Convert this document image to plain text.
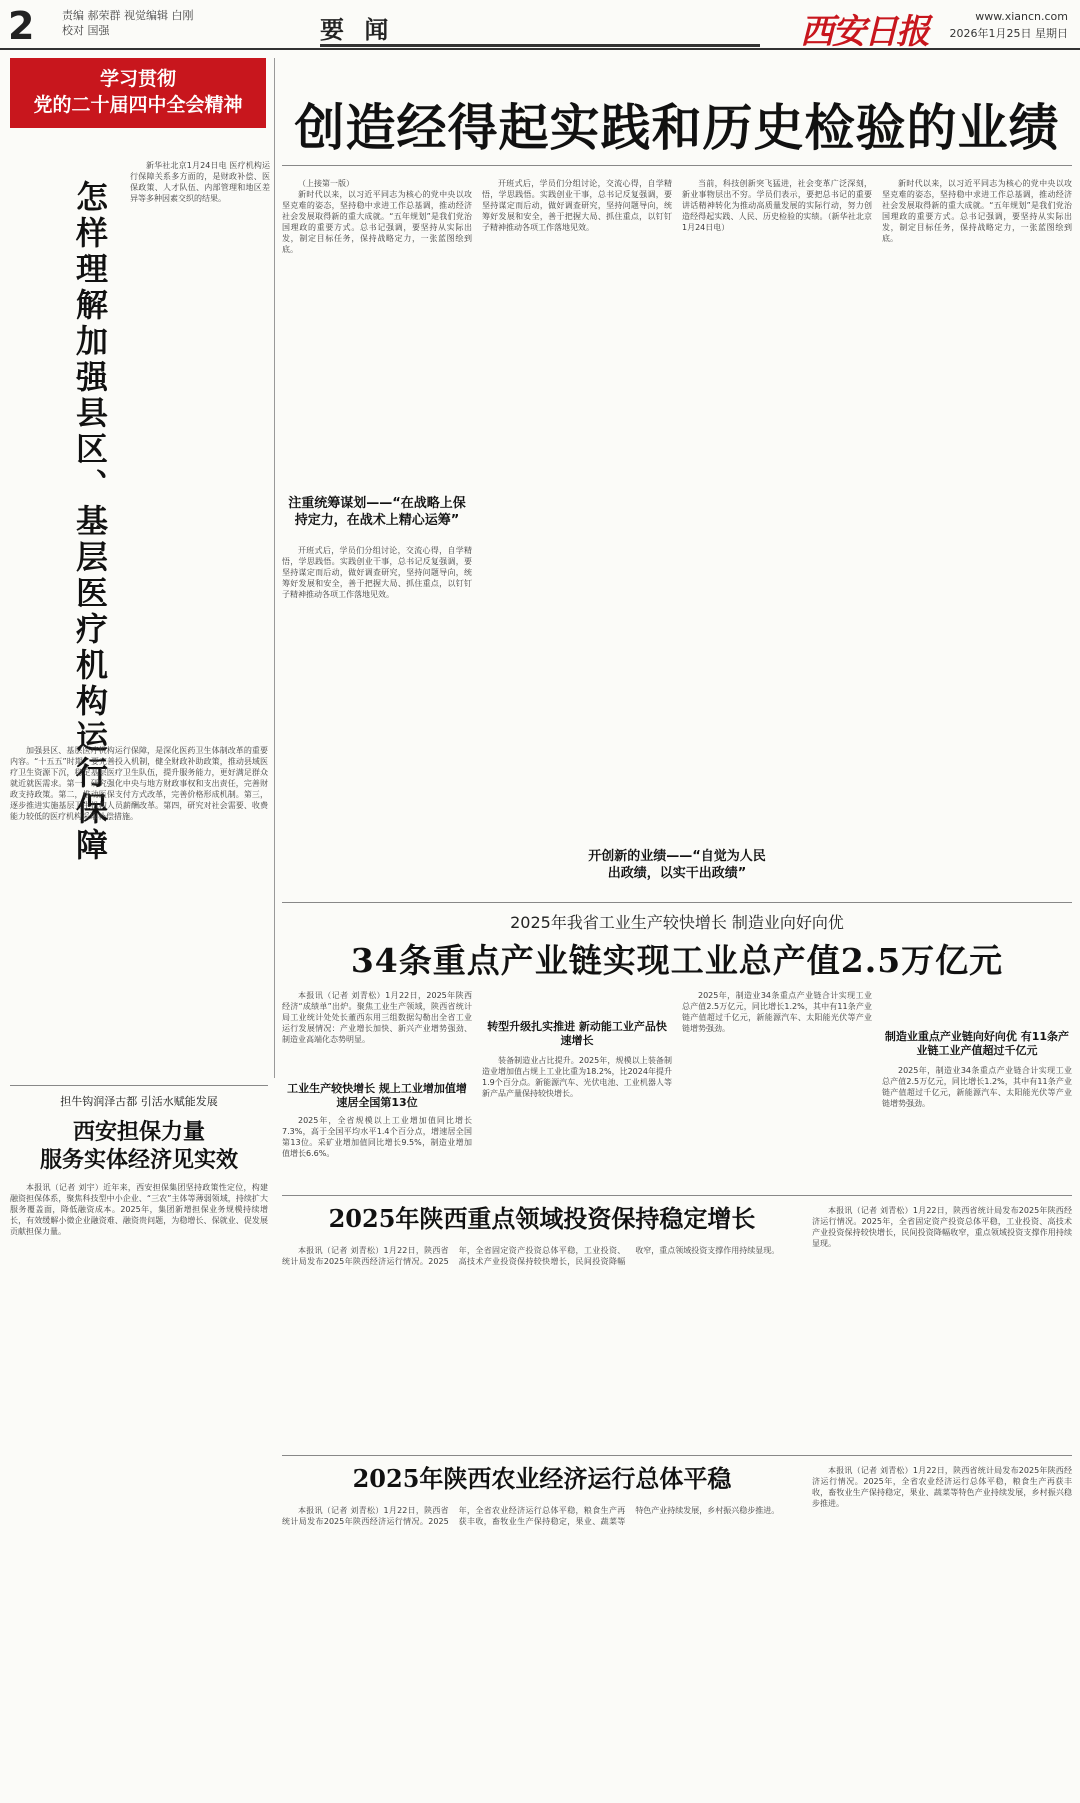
2	责编 郝荣群 视觉编辑 白刚
校对 国强	要 闻	西安日报	www.xiancn.com
2026年1月25日 星期日
学习贯彻
党的二十届四中全会精神
怎样理解加强县区、基层医疗机构运行保障

新华社北京1月24日电 医疗机构运行保障关系多方面的，是财政补偿、医保政策、人才队伍、内部管理和地区差异等多种因素交织的结果。

加强县区、基层医疗机构运行保障，是深化医药卫生体制改革的重要内容。“十五五”时期，要完善投入机制，健全财政补助政策，推动县域医疗卫生资源下沉，稳定基层医疗卫生队伍，提升服务能力，更好满足群众就近就医需求。第一，研究强化中央与地方财政事权和支出责任，完善财政支持政策。第二，推动医保支付方式改革，完善价格形成机制。第三，逐步推进实施基层卫生机构人员薪酬改革。第四，研究对社会需要、收费能力较低的医疗机构采取补偿措施。

创造经得起实践和历史检验的业绩

（上接第一版）

新时代以来，以习近平同志为核心的党中央以攻坚克难的姿态，坚持稳中求进工作总基调，推动经济社会发展取得新的重大成就。“五年规划”是我们党治国理政的重要方式。总书记强调，要坚持从实际出发，制定目标任务，保持战略定力，一张蓝图绘到底。

注重统筹谋划——“在战略上保持定力，在战术上精心运筹”

开班式后，学员们分组讨论，交流心得，自学精悟，学思践悟。实践创业干事，总书记反复强调，要坚持谋定而后动，做好调查研究，坚持问题导向，统筹好发展和安全，善于把握大局、抓住重点，以钉钉子精神推动各项工作落地见效。

开班式后，学员们分组讨论，交流心得，自学精悟，学思践悟。实践创业干事，总书记反复强调，要坚持谋定而后动，做好调查研究，坚持问题导向，统筹好发展和安全，善于把握大局、抓住重点，以钉钉子精神推动各项工作落地见效。

开创新的业绩——“自觉为人民出政绩，以实干出政绩”

当前，科技创新突飞猛进，社会变革广泛深刻，新业事物层出不穷。学员们表示，要把总书记的重要讲话精神转化为推动高质量发展的实际行动，努力创造经得起实践、人民、历史检验的实绩。（新华社北京1月24日电）

新时代以来，以习近平同志为核心的党中央以攻坚克难的姿态，坚持稳中求进工作总基调，推动经济社会发展取得新的重大成就。“五年规划”是我们党治国理政的重要方式。总书记强调，要坚持从实际出发，制定目标任务，保持战略定力，一张蓝图绘到底。

2025年我省工业生产较快增长 制造业向好向优
34条重点产业链实现工业总产值2.5万亿元

本报讯（记者 刘青松）1月22日，2025年陕西经济“成绩单”出炉。聚焦工业生产领域，陕西省统计局工业统计处处长董西东用三组数据勾勒出全省工业运行发展情况：产业增长加快、新兴产业增势强劲、制造业高端化态势明显。

工业生产较快增长 规上工业增加值增速居全国第13位

2025年，全省规模以上工业增加值同比增长7.3%，高于全国平均水平1.4个百分点，增速居全国第13位。采矿业增加值同比增长9.5%，制造业增加值增长6.6%。

转型升级扎实推进 新动能工业产品快速增长

装备制造业占比提升。2025年，规模以上装备制造业增加值占规上工业比重为18.2%，比2024年提升1.9个百分点。新能源汽车、光伏电池、工业机器人等新产品产量保持较快增长。

制造业重点产业链向好向优 有11条产业链工业产值超过千亿元

2025年，制造业34条重点产业链合计实现工业总产值2.5万亿元，同比增长1.2%，其中有11条产业链产值超过千亿元，新能源汽车、太阳能光伏等产业链增势强劲。

2025年，制造业34条重点产业链合计实现工业总产值2.5万亿元，同比增长1.2%，其中有11条产业链产值超过千亿元，新能源汽车、太阳能光伏等产业链增势强劲。

担牛钩润泽古都 引活水赋能发展
西安担保力量
服务实体经济见实效

本报讯（记者 刘宇）近年来，西安担保集团坚持政策性定位，构建融资担保体系，聚焦科技型中小企业、“三农”主体等薄弱领域，持续扩大服务覆盖面，降低融资成本。2025年，集团新增担保业务规模持续增长，有效缓解小微企业融资难、融资贵问题，为稳增长、保就业、促发展贡献担保力量。	2025年陕西重点领域投资保持稳定增长

本报讯（记者 刘青松）1月22日，陕西省统计局发布2025年陕西经济运行情况。2025年，全省固定资产投资总体平稳，工业投资、高技术产业投资保持较快增长，民间投资降幅收窄，重点领域投资支撑作用持续显现。

本报讯（记者 刘青松）1月22日，陕西省统计局发布2025年陕西经济运行情况。2025年，全省固定资产投资总体平稳，工业投资、高技术产业投资保持较快增长，民间投资降幅收窄，重点领域投资支撑作用持续显现。

2025年陕西农业经济运行总体平稳

本报讯（记者 刘青松）1月22日，陕西省统计局发布2025年陕西经济运行情况。2025年，全省农业经济运行总体平稳，粮食生产再获丰收，畜牧业生产保持稳定，果业、蔬菜等特色产业持续发展，乡村振兴稳步推进。

本报讯（记者 刘青松）1月22日，陕西省统计局发布2025年陕西经济运行情况。2025年，全省农业经济运行总体平稳，粮食生产再获丰收，畜牧业生产保持稳定，果业、蔬菜等特色产业持续发展，乡村振兴稳步推进。
